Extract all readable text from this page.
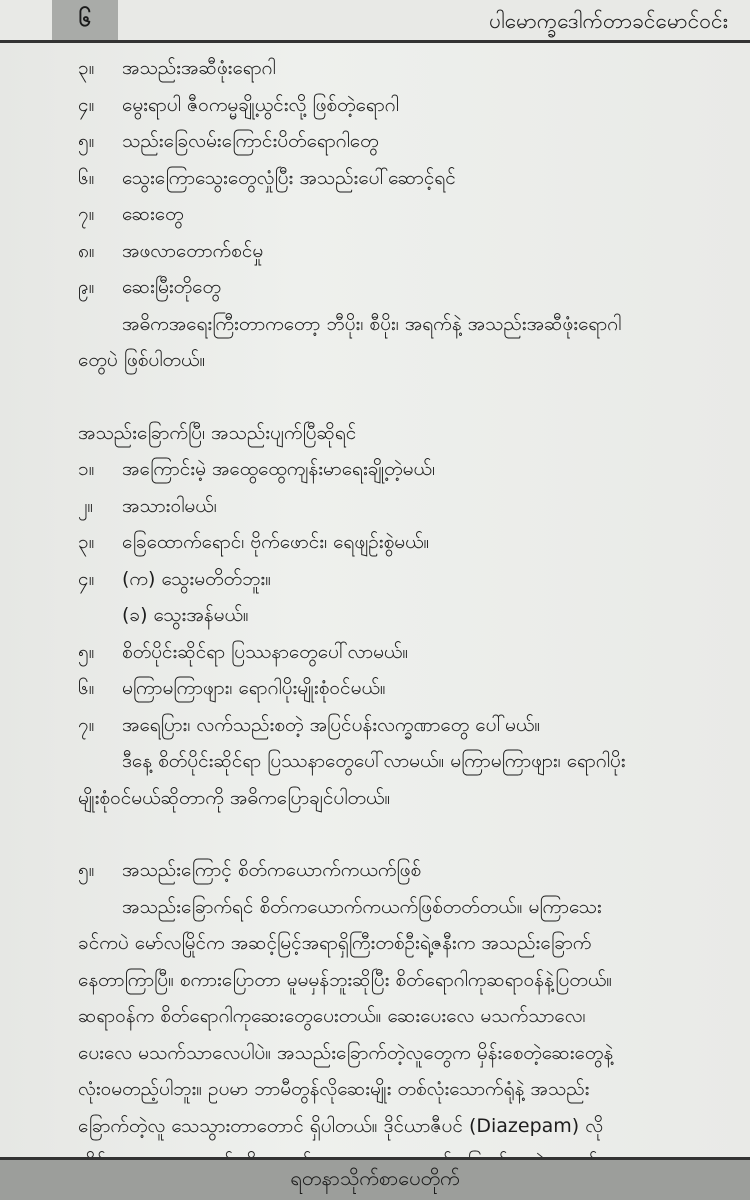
၆	ပါမောက္ခဒေါက်တာခင်မောင်ဝင်း
၃။	အသည်းအဆီဖုံးရောဂါ
၄။	မွေးရာပါ ဇီဝကမ္မချို့ယွင်းလို့ ဖြစ်တဲ့ရောဂါ
၅။	သည်းခြေလမ်းကြောင်းပိတ်ရောဂါတွေ
၆။	သွေးကြောသွေးတွေလှုံပြီး အသည်းပေါ်ဆောင့်ရင်
၇။	ဆေးတွေ
၈။	အဖလာတောက်စင်မှု
၉။	ဆေးမြီးတိုတွေ
အဓိကအရေးကြီးတာကတော့ ဘီပိုး၊ စီပိုး၊ အရက်နဲ့ အသည်းအဆီဖုံးရောဂါ
တွေပဲ ဖြစ်ပါတယ်။
အသည်းခြောက်ပြီ၊ အသည်းပျက်ပြီဆိုရင်
၁။	အကြောင်းမဲ့ အထွေထွေကျန်းမာရေးချို့တဲ့မယ်၊
၂။	အသားဝါမယ်၊
၃။	ခြေထောက်ရောင်၊ ဗိုက်ဖောင်း၊ ရေဖျဉ်းစွဲမယ်။
၄။	(က) သွေးမတိတ်ဘူး။
(ခ) သွေးအန်မယ်။
၅။	စိတ်ပိုင်းဆိုင်ရာ ပြဿနာတွေပေါ်လာမယ်။
၆။	မကြာမကြာဖျား၊ ရောဂါပိုးမျိုးစုံဝင်မယ်။
၇။	အရေပြား၊ လက်သည်းစတဲ့ အပြင်ပန်းလက္ခဏာတွေ ပေါ်မယ်။
ဒီနေ့ စိတ်ပိုင်းဆိုင်ရာ ပြဿနာတွေပေါ်လာမယ်။ မကြာမကြာဖျား၊ ရောဂါပိုး
မျိုးစုံဝင်မယ်ဆိုတာကို အဓိကပြောချင်ပါတယ်။
၅။	အသည်းကြောင့် စိတ်ကယောက်ကယက်ဖြစ်
အသည်းခြောက်ရင် စိတ်ကယောက်ကယက်ဖြစ်တတ်တယ်။ မကြာသေး
ခင်ကပဲ မော်လမြိုင်က အဆင့်မြင့်အရာရှိကြီးတစ်ဦးရဲ့ဇနီးက အသည်းခြောက်
နေတာကြာပြီ။ စကားပြောတာ မူမမှန်ဘူးဆိုပြီး စိတ်ရောဂါကုဆရာဝန်နဲ့ပြတယ်။
ဆရာဝန်က စိတ်ရောဂါကုဆေးတွေပေးတယ်။ ဆေးပေးလေ မသက်သာလေ၊
ပေးလေ မသက်သာလေပါပဲ။ အသည်းခြောက်တဲ့လူတွေက မှိန်းစေတဲ့ဆေးတွေနဲ့
လုံးဝမတည့်ပါဘူး။ ဥပမာ ဘာမီတွန်လိုဆေးမျိုး တစ်လုံးသောက်ရုံနဲ့ အသည်း
ခြောက်တဲ့လူ သေသွားတာတောင် ရှိပါတယ်။ ဒိုင်ယာဇီပင် (Diazepam) လို
ရတနာသိုက်စာပေတိုက်
